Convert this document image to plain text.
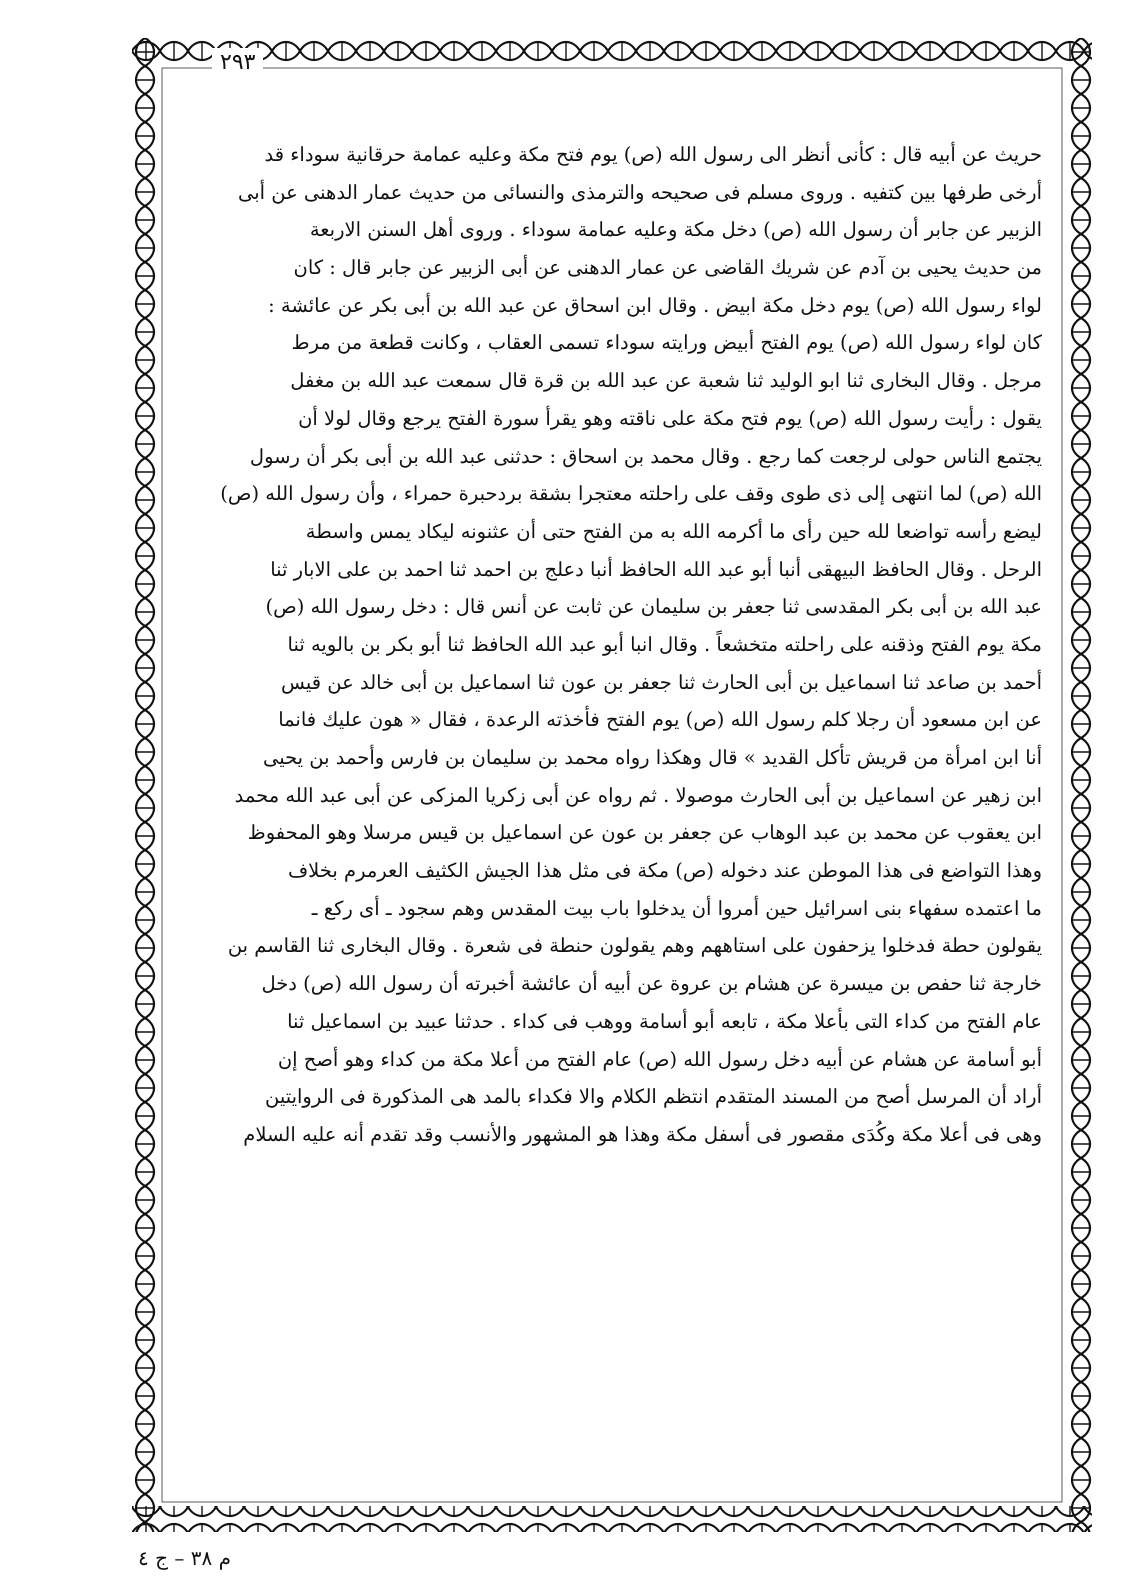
٢٩٣
حريث عن أبيه قال : كأنى أنظر الى رسول الله (ص) يوم فتح مكة وعليه عمامة حرقانية سوداء قد
أرخى طرفها بين كتفيه . وروى مسلم فى صحيحه والترمذى والنسائى من حديث عمار الدهنى عن أبى
الزبير عن جابر أن رسول الله (ص) دخل مكة وعليه عمامة سوداء . وروى أهل السنن الاربعة
من حديث يحيى بن آدم عن شريك القاضى عن عمار الدهنى عن أبى الزبير عن جابر قال : كان
لواء رسول الله (ص) يوم دخل مكة ابيض . وقال ابن اسحاق عن عبد الله بن أبى بكر عن عائشة :
كان لواء رسول الله (ص) يوم الفتح أبيض ورايته سوداء تسمى العقاب ، وكانت قطعة من مرط
مرجل . وقال البخارى ثنا ابو الوليد ثنا شعبة عن عبد الله بن قرة قال سمعت عبد الله بن مغفل
يقول : رأيت رسول الله (ص) يوم فتح مكة على ناقته وهو يقرأ سورة الفتح يرجع وقال لولا أن
يجتمع الناس حولى لرجعت كما رجع . وقال محمد بن اسحاق : حدثنى عبد الله بن أبى بكر أن رسول
الله (ص) لما انتهى إلى ذى طوى وقف على راحلته معتجرا بشقة بردحبرة حمراء ، وأن رسول الله (ص)
ليضع رأسه تواضعا لله حين رأى ما أكرمه الله به من الفتح حتى أن عثنونه ليكاد يمس واسطة
الرحل . وقال الحافظ البيهقى أنبا أبو عبد الله الحافظ أنبا دعلج بن احمد ثنا احمد بن على الابار ثنا
عبد الله بن أبى بكر المقدسى ثنا جعفر بن سليمان عن ثابت عن أنس قال : دخل رسول الله (ص)
مكة يوم الفتح وذقنه على راحلته متخشعاً . وقال انبا أبو عبد الله الحافظ ثنا أبو بكر بن بالويه ثنا
أحمد بن صاعد ثنا اسماعيل بن أبى الحارث ثنا جعفر بن عون ثنا اسماعيل بن أبى خالد عن قيس
عن ابن مسعود أن رجلا كلم رسول الله (ص) يوم الفتح فأخذته الرعدة ، فقال « هون عليك فانما
أنا ابن امرأة من قريش تأكل القديد » قال وهكذا رواه محمد بن سليمان بن فارس وأحمد بن يحيى
ابن زهير عن اسماعيل بن أبى الحارث موصولا . ثم رواه عن أبى زكريا المزكى عن أبى عبد الله محمد
ابن يعقوب عن محمد بن عبد الوهاب عن جعفر بن عون عن اسماعيل بن قيس مرسلا وهو المحفوظ
وهذا التواضع فى هذا الموطن عند دخوله (ص) مكة فى مثل هذا الجيش الكثيف العرمرم بخلاف
ما اعتمده سفهاء بنى اسرائيل حين أمروا أن يدخلوا باب بيت المقدس وهم سجود ـ أى ركع ـ
يقولون حطة فدخلوا يزحفون على استاههم وهم يقولون حنطة فى شعرة . وقال البخارى ثنا القاسم بن
خارجة ثنا حفص بن ميسرة عن هشام بن عروة عن أبيه أن عائشة أخبرته أن رسول الله (ص) دخل
عام الفتح من كداء التى بأعلا مكة ، تابعه أبو أسامة ووهب فى كداء . حدثنا عبيد بن اسماعيل ثنا
أبو أسامة عن هشام عن أبيه دخل رسول الله (ص) عام الفتح من أعلا مكة من كداء وهو أصح إن
أراد أن المرسل أصح من المسند المتقدم انتظم الكلام والا فكداء بالمد هى المذكورة فى الروايتين
وهى فى أعلا مكة وكُدَى مقصور فى أسفل مكة وهذا هو المشهور والأنسب وقد تقدم أنه عليه السلام
م ٣٨ – ج ٤
